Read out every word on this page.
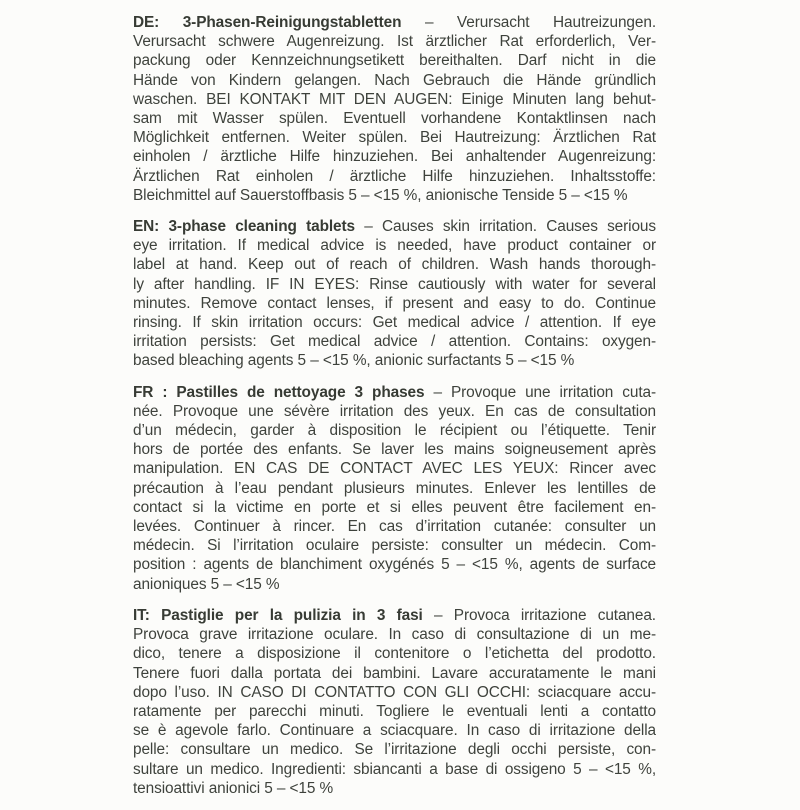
DE: 3-Phasen-Reinigungstabletten – Verursacht Hautreizungen.
Verursacht schwere Augenreizung. Ist ärztlicher Rat erforderlich, Ver-
packung oder Kennzeichnungsetikett bereithalten. Darf nicht in die
Hände von Kindern gelangen. Nach Gebrauch die Hände gründlich
waschen. BEI KONTAKT MIT DEN AUGEN: Einige Minuten lang behut-
sam mit Wasser spülen. Eventuell vorhandene Kontaktlinsen nach
Möglichkeit entfernen. Weiter spülen. Bei Hautreizung: Ärztlichen Rat
einholen / ärztliche Hilfe hinzuziehen. Bei anhaltender Augenreizung:
Ärztlichen Rat einholen / ärztliche Hilfe hinzuziehen. Inhaltsstoffe:
Bleichmittel auf Sauerstoffbasis 5 – <15 %, anionische Tenside 5 – <15 %
EN: 3-phase cleaning tablets – Causes skin irritation. Causes serious
eye irritation. If medical advice is needed, have product container or
label at hand. Keep out of reach of children. Wash hands thorough-
ly after handling. IF IN EYES: Rinse cautiously with water for several
minutes. Remove contact lenses, if present and easy to do. Continue
rinsing. If skin irritation occurs: Get medical advice / attention. If eye
irritation persists: Get medical advice / attention. Contains: oxygen-
based bleaching agents 5 – <15 %, anionic surfactants 5 – <15 %
FR : Pastilles de nettoyage 3 phases – Provoque une irritation cuta-
née. Provoque une sévère irritation des yeux. En cas de consultation
d’un médecin, garder à disposition le récipient ou l’étiquette. Tenir
hors de portée des enfants. Se laver les mains soigneusement après
manipulation. EN CAS DE CONTACT AVEC LES YEUX: Rincer avec
précaution à l’eau pendant plusieurs minutes. Enlever les lentilles de
contact si la victime en porte et si elles peuvent être facilement en-
levées. Continuer à rincer. En cas d’irritation cutanée: consulter un
médecin. Si l’irritation oculaire persiste: consulter un médecin. Com-
position : agents de blanchiment oxygénés 5 – <15 %, agents de surface
anioniques 5 – <15 %
IT: Pastiglie per la pulizia in 3 fasi – Provoca irritazione cutanea.
Provoca grave irritazione oculare. In caso di consultazione di un me-
dico, tenere a disposizione il contenitore o l’etichetta del prodotto.
Tenere fuori dalla portata dei bambini. Lavare accuratamente le mani
dopo l’uso. IN CASO DI CONTATTO CON GLI OCCHI: sciacquare accu-
ratamente per parecchi minuti. Togliere le eventuali lenti a contatto
se è agevole farlo. Continuare a sciacquare. In caso di irritazione della
pelle: consultare un medico. Se l’irritazione degli occhi persiste, con-
sultare un medico. Ingredienti: sbiancanti a base di ossigeno 5 – <15 %,
tensioattivi anionici 5 – <15 %
